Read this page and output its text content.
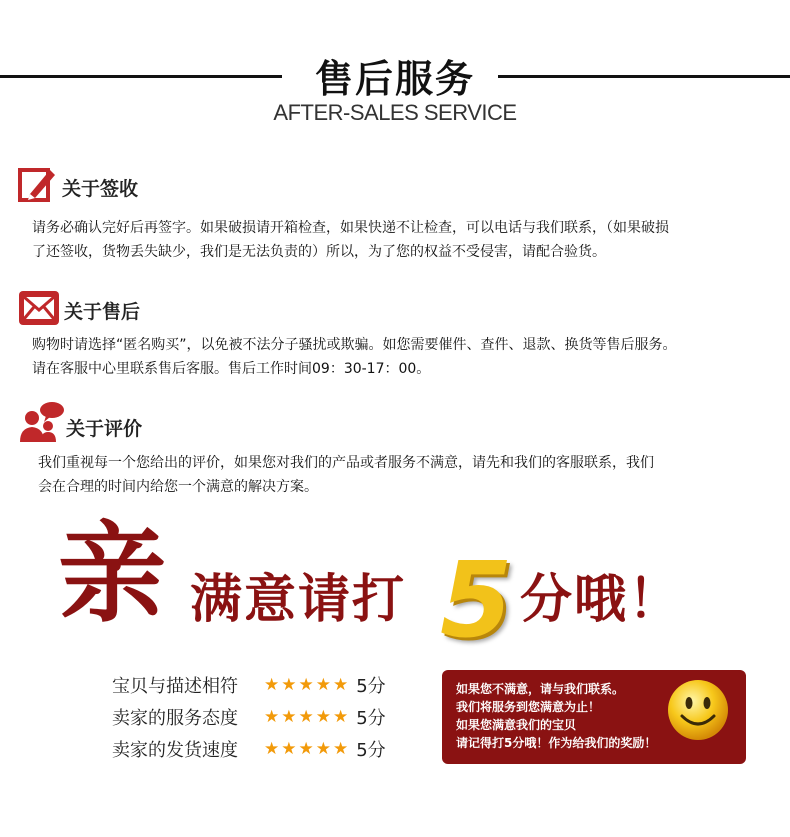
售后服务
AFTER-SALES SERVICE
关于签收
请务必确认完好后再签字。如果破损请开箱检查，如果快递不让检查，可以电话与我们联系，（如果破损
了还签收，货物丢失缺少，我们是无法负责的）所以，为了您的权益不受侵害，请配合验货。
关于售后
购物时请选择“匿名购买”，以免被不法分子骚扰或欺骗。如您需要催件、查件、退款、换货等售后服务。
请在客服中心里联系售后客服。售后工作时间09：30-17：00。
关于评价
我们重视每一个您给出的评价，如果您对我们的产品或者服务不满意，请先和我们的客服联系，我们
会在合理的时间内给您一个满意的解决方案。
亲 满意请打 5 分哦！
宝贝与描述相符	★★★★★ 5分
卖家的服务态度	★★★★★ 5分
卖家的发货速度	★★★★★ 5分
如果您不满意，请与我们联系。
我们将服务到您满意为止！
如果您满意我们的宝贝
请记得打5分哦！作为给我们的奖励！
